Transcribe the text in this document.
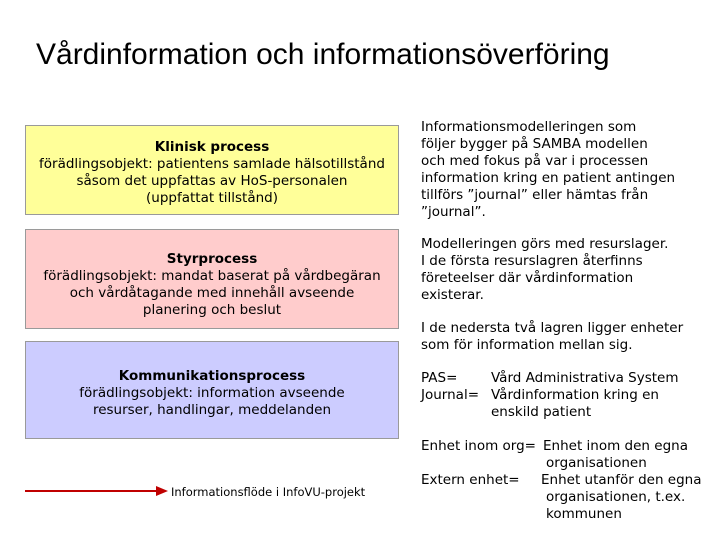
Vårdinformation och informationsöverföring
Klinisk process
förädlingsobjekt: patientens samlade hälsotillstånd
såsom det uppfattas av HoS-personalen
(uppfattat tillstånd)
Styrprocess
förädlingsobjekt: mandat baserat på vårdbegäran
och vårdåtagande med innehåll avseende
planering och beslut
Kommunikationsprocess
förädlingsobjekt: information avseende
resurser, handlingar, meddelanden
Informationsflöde i InfoVU-projekt
Informationsmodelleringen som
följer bygger på SAMBA modellen
och med fokus på var i processen
information kring en patient antingen
tillförs ”journal” eller hämtas från
”journal”.
Modelleringen görs med resurslager.
I de första resurslagren återfinns
företeelser där vårdinformation
existerar.
I de nedersta två lagren ligger enheter
som för information mellan sig.
PAS= Vård Administrativa System
Journal= Vårdinformation kring en
enskild patient
Enhet inom org= Enhet inom den egna
organisationen
Extern enhet= Enhet utanför den egna
organisationen, t.ex.
kommunen
